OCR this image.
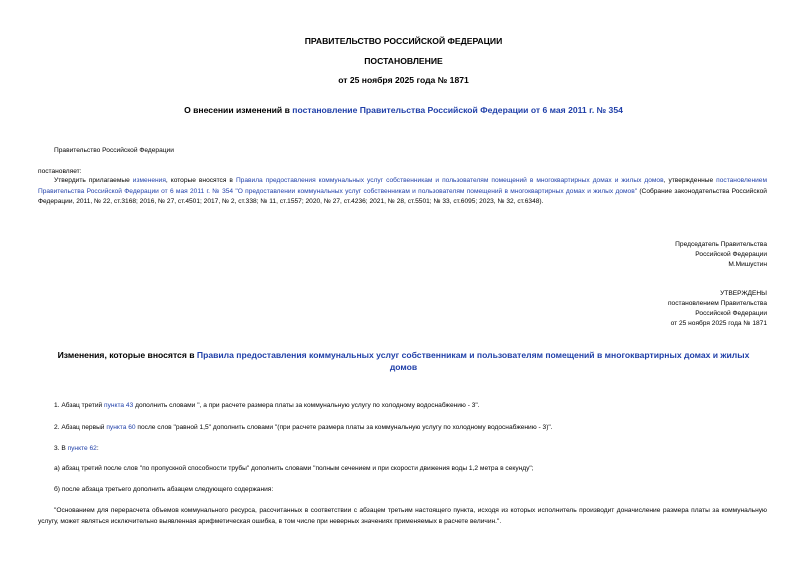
ПРАВИТЕЛЬСТВО РОССИЙСКОЙ ФЕДЕРАЦИИ
ПОСТАНОВЛЕНИЕ
от 25 ноября 2025 года № 1871
О внесении изменений в постановление Правительства Российской Федерации от 6 мая 2011 г. № 354
Правительство Российской Федерации
постановляет:
Утвердить прилагаемые изменения, которые вносятся в Правила предоставления коммунальных услуг собственникам и пользователям помещений в многоквартирных домах и жилых домов, утвержденные постановлением Правительства Российской Федерации от 6 мая 2011 г. № 354 "О предоставлении коммунальных услуг собственникам и пользователям помещений в многоквартирных домах и жилых домов" (Собрание законодательства Российской Федерации, 2011, № 22, ст.3168; 2016, № 27, ст.4501; 2017, № 2, ст.338; № 11, ст.1557; 2020, № 27, ст.4236; 2021, № 28, ст.5501; № 33, ст.6095; 2023, № 32, ст.6348).
Председатель Правительства
Российской Федерации
М.Мишустин
УТВЕРЖДЕНЫ
постановлением Правительства
Российской Федерации
от 25 ноября 2025 года № 1871
Изменения, которые вносятся в Правила предоставления коммунальных услуг собственникам и пользователям помещений в многоквартирных домах и жилых домов
1. Абзац третий пункта 43 дополнить словами ", а при расчете размера платы за коммунальную услугу по холодному водоснабжению - 3".
2. Абзац первый пункта 60 после слов "равной 1,5" дополнить словами "(при расчете размера платы за коммунальную услугу по холодному водоснабжению - 3)".
3. В пункте 62:
а) абзац третий после слов "по пропускной способности трубы" дополнить словами "полным сечением и при скорости движения воды 1,2 метра в секунду";
б) после абзаца третьего дополнить абзацем следующего содержания:
"Основанием для перерасчета объемов коммунального ресурса, рассчитанных в соответствии с абзацем третьим настоящего пункта, исходя из которых исполнитель производит доначисление размера платы за коммунальную услугу, может являться исключительно выявленная арифметическая ошибка, в том числе при неверных значениях применяемых в расчете величин.".
